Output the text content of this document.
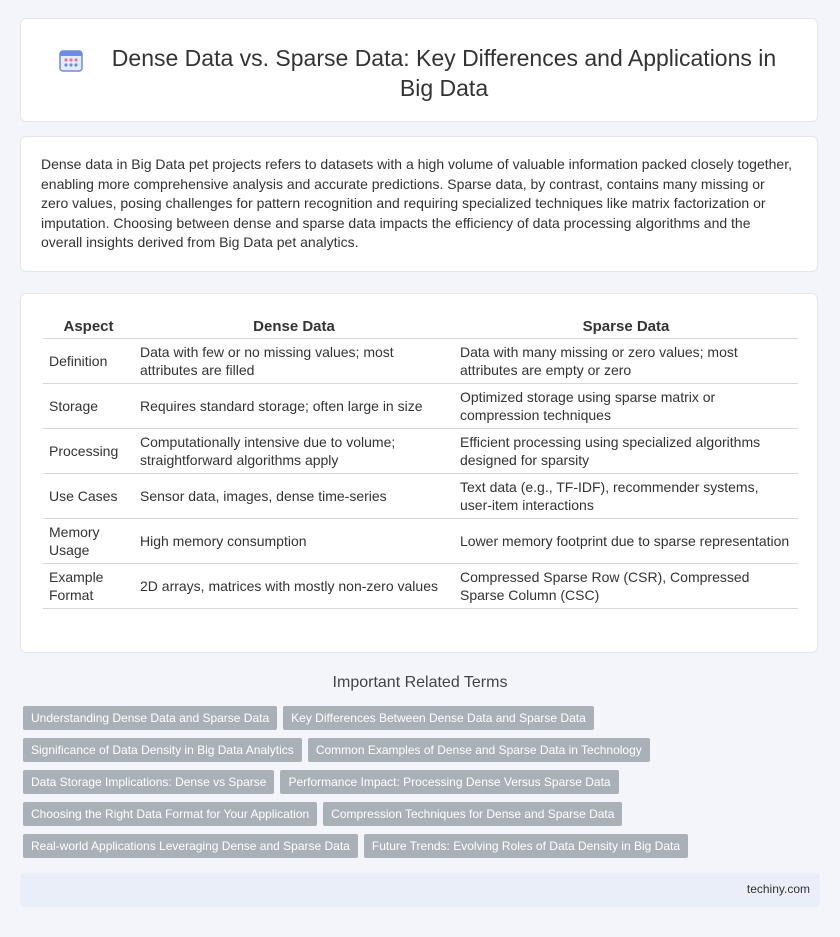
Dense Data vs. Sparse Data: Key Differences and Applications in Big Data

Dense data in Big Data pet projects refers to datasets with a high volume of valuable information packed closely together, enabling more comprehensive analysis and accurate predictions. Sparse data, by contrast, contains many missing or zero values, posing challenges for pattern recognition and requiring specialized techniques like matrix factorization or imputation. Choosing between dense and sparse data impacts the efficiency of data processing algorithms and the overall insights derived from Big Data pet analytics.

Aspect	Dense Data	Sparse Data
Definition	Data with few or no missing values; most attributes are filled	Data with many missing or zero values; most attributes are empty or zero
Storage	Requires standard storage; often large in size	Optimized storage using sparse matrix or compression techniques
Processing	Computationally intensive due to volume; straightforward algorithms apply	Efficient processing using specialized algorithms designed for sparsity
Use Cases	Sensor data, images, dense time-series	Text data (e.g., TF-IDF), recommender systems, user-item interactions
Memory Usage	High memory consumption	Lower memory footprint due to sparse representation
Example Format	2D arrays, matrices with mostly non-zero values	Compressed Sparse Row (CSR), Compressed Sparse Column (CSC)
Important Related Terms
Understanding Dense Data and Sparse Data	Key Differences Between Dense Data and Sparse Data
Significance of Data Density in Big Data Analytics	Common Examples of Dense and Sparse Data in Technology
Data Storage Implications: Dense vs Sparse	Performance Impact: Processing Dense Versus Sparse Data
Choosing the Right Data Format for Your Application	Compression Techniques for Dense and Sparse Data
Real-world Applications Leveraging Dense and Sparse Data	Future Trends: Evolving Roles of Data Density in Big Data
techiny.com
